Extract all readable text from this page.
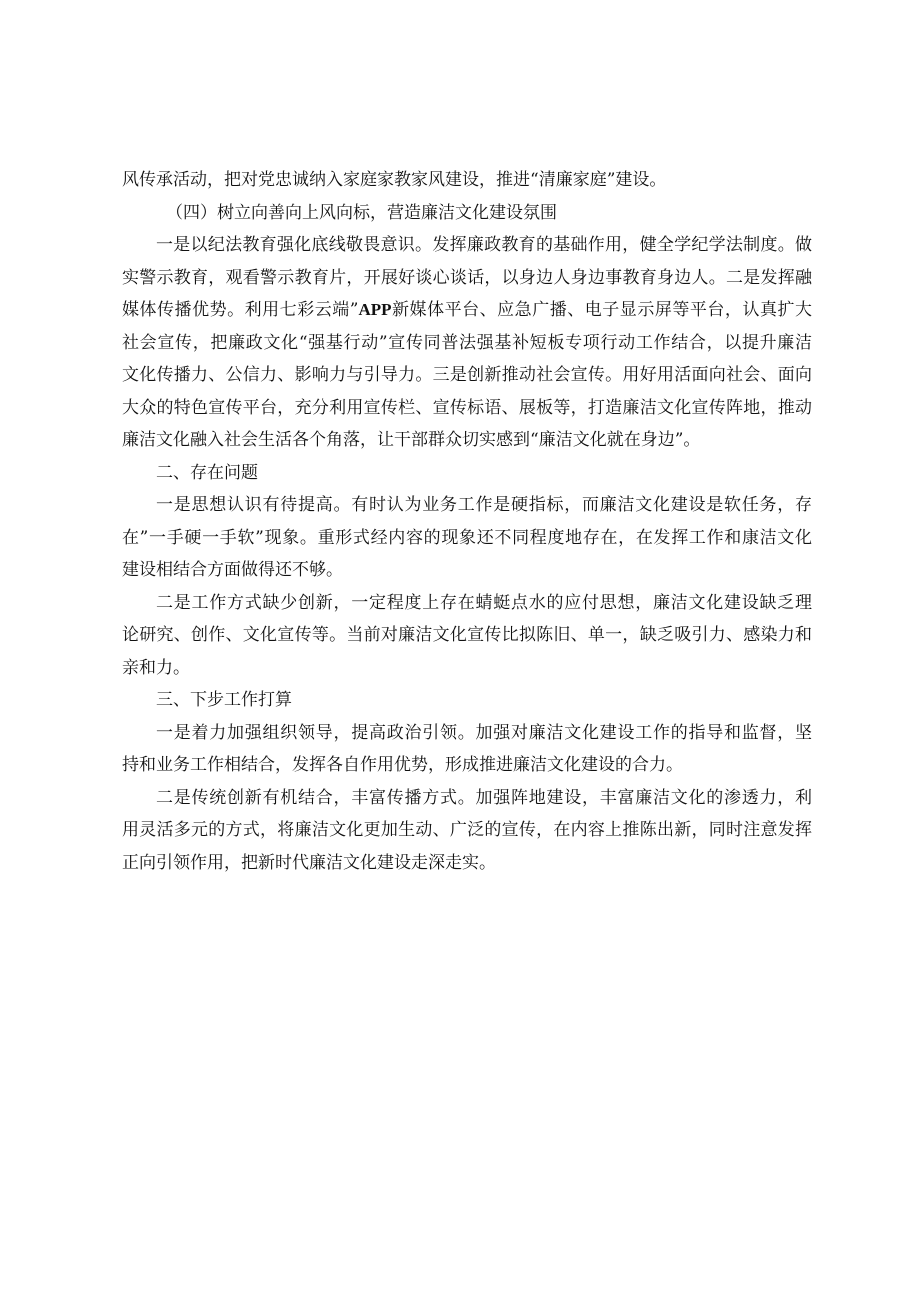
风传承活动，把对党忠诚纳入家庭家教家风建设，推进“清廉家庭”建设。
（四）树立向善向上风向标，营造廉洁文化建设氛围
一是以纪法教育强化底线敬畏意识。发挥廉政教育的基础作用，健全学纪学法制度。做
实警示教育，观看警示教育片，开展好谈心谈话，以身边人身边事教育身边人。二是发挥融
媒体传播优势。利用七彩云端”APP新媒体平台、应急广播、电子显示屏等平台，认真扩大
社会宣传，把廉政文化“强基行动”宣传同普法强基补短板专项行动工作结合，以提升廉洁
文化传播力、公信力、影响力与引导力。三是创新推动社会宣传。用好用活面向社会、面向
大众的特色宣传平台，充分利用宣传栏、宣传标语、展板等，打造廉洁文化宣传阵地，推动
廉洁文化融入社会生活各个角落，让干部群众切实感到“廉洁文化就在身边”。
二、存在问题
一是思想认识有待提高。有时认为业务工作是硬指标，而廉洁文化建设是软任务，存
在”一手硬一手软”现象。重形式经内容的现象还不同程度地存在，在发挥工作和康洁文化
建设相结合方面做得还不够。
二是工作方式缺少创新，一定程度上存在蜻蜓点水的应付思想，廉洁文化建设缺乏理
论研究、创作、文化宣传等。当前对廉洁文化宣传比拟陈旧、单一，缺乏吸引力、感染力和
亲和力。
三、下步工作打算
一是着力加强组织领导，提高政治引领。加强对廉洁文化建设工作的指导和监督，坚
持和业务工作相结合，发挥各自作用优势，形成推进廉洁文化建设的合力。
二是传统创新有机结合，丰富传播方式。加强阵地建设，丰富廉洁文化的渗透力，利
用灵活多元的方式，将廉洁文化更加生动、广泛的宣传，在内容上推陈出新，同时注意发挥
正向引领作用，把新时代廉洁文化建设走深走实。
